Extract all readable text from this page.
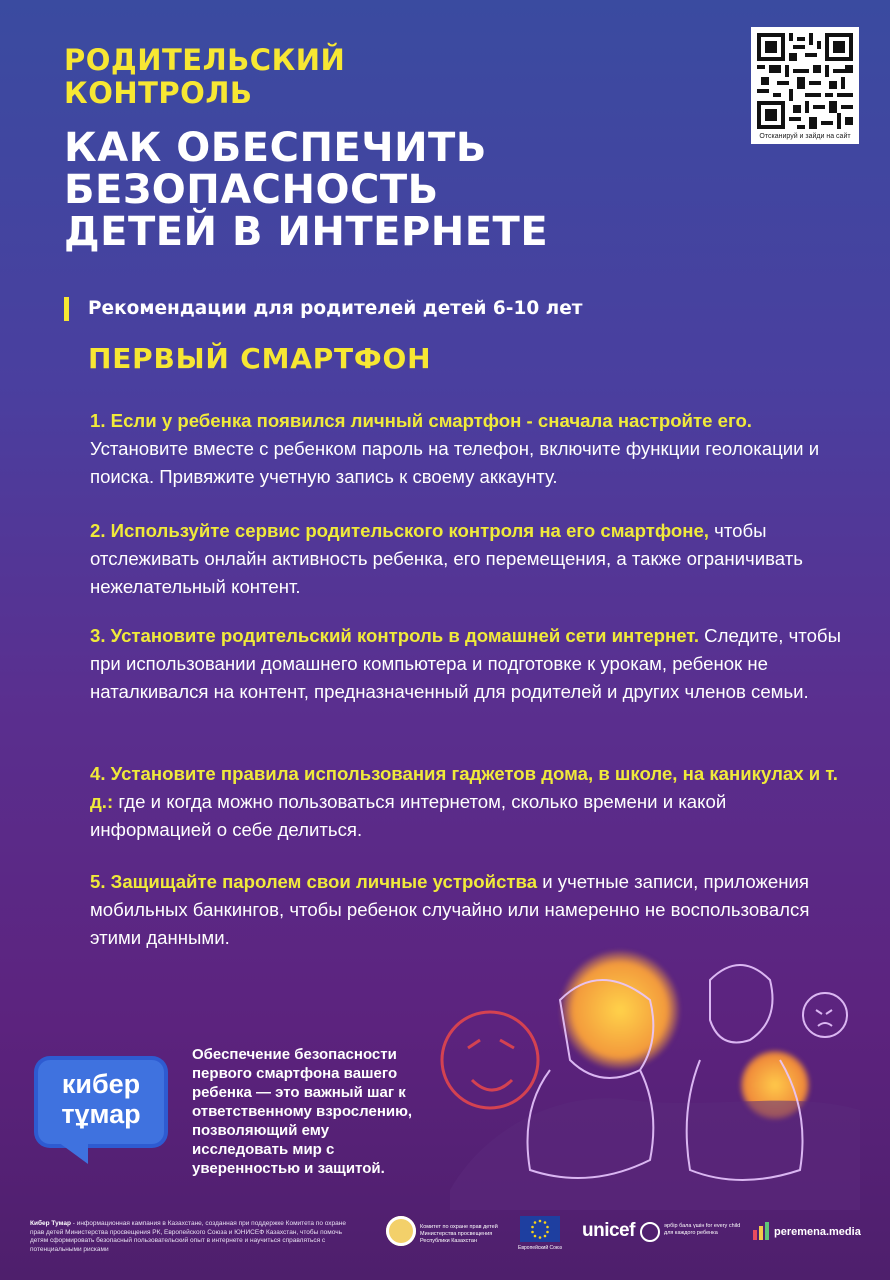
РОДИТЕЛЬСКИЙ
КОНТРОЛЬ
КАК ОБЕСПЕЧИТЬ
БЕЗОПАСНОСТЬ
ДЕТЕЙ В ИНТЕРНЕТЕ
Отсканируй и зайди на сайт
Рекомендации для родителей детей 6-10 лет
ПЕРВЫЙ СМАРТФОН
1. Если у ребенка появился личный смартфон - сначала настройте его. Установите вместе с ребенком пароль на телефон, включите функции геолокации и поиска. Привяжите учетную запись к своему аккаунту.
2. Используйте сервис родительского контроля на его смартфоне, чтобы отслеживать онлайн активность ребенка, его перемещения, а также ограничивать нежелательный контент.
3. Установите родительский контроль в домашней сети интернет. Следите, чтобы при использовании домашнего компьютера и подготовке к урокам, ребенок не наталкивался на контент, предназначенный для родителей и других членов семьи.
4. Установите правила использования гаджетов дома, в школе, на каникулах и т. д.: где и когда можно пользоваться интернетом, сколько времени и какой информацией о себе делиться.
5. Защищайте паролем свои личные устройства и учетные записи, приложения мобильных банкингов, чтобы ребенок случайно или намеренно не воспользовался этими данными.
кибер
тұмар
Обеспечение безопасности первого смартфона вашего ребенка — это важный шаг к ответственному взрослению, позволяющий ему исследовать мир с уверенностью и защитой.
Кибер Тумар - информационная кампания в Казахстане, созданная при поддержке Комитета по охране прав детей Министерства просвещения РК, Европейского Союза и ЮНИСЕФ Казахстан, чтобы помочь детям сформировать безопасный пользовательский опыт в интернете и научиться справляться с потенциальными рисками
Комитет по охране прав детей Министерства просвещения Республики Казахстан
Европейский Союз
unicef	әрбір бала үшін for every child для каждого ребенка	peremena.media
